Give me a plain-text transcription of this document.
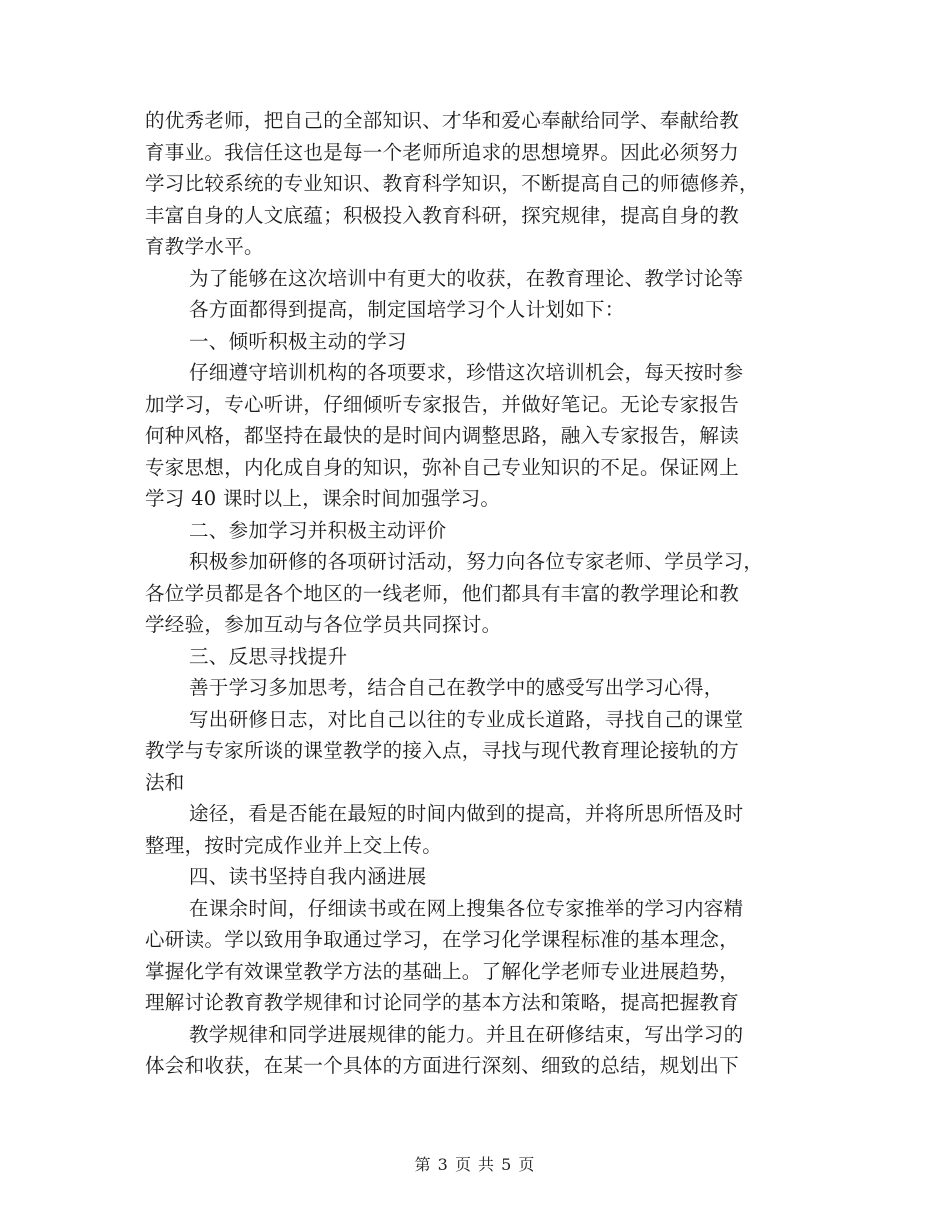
的优秀老师，把自己的全部知识、才华和爱心奉献给同学、奉献给教
育事业。我信任这也是每一个老师所追求的思想境界。因此必须努力
学习比较系统的专业知识、教育科学知识，不断提高自己的师德修养，
丰富自身的人文底蕴；积极投入教育科研，探究规律，提高自身的教
育教学水平。
为了能够在这次培训中有更大的收获，在教育理论、教学讨论等
各方面都得到提高，制定国培学习个人计划如下：
一、倾听积极主动的学习
仔细遵守培训机构的各项要求，珍惜这次培训机会，每天按时参
加学习，专心听讲，仔细倾听专家报告，并做好笔记。无论专家报告
何种风格，都坚持在最快的是时间内调整思路，融入专家报告，解读
专家思想，内化成自身的知识，弥补自己专业知识的不足。保证网上
学习 40 课时以上，课余时间加强学习。
二、参加学习并积极主动评价
积极参加研修的各项研讨活动，努力向各位专家老师、学员学习，
各位学员都是各个地区的一线老师，他们都具有丰富的教学理论和教
学经验，参加互动与各位学员共同探讨。
三、反思寻找提升
善于学习多加思考，结合自己在教学中的感受写出学习心得，
写出研修日志，对比自己以往的专业成长道路，寻找自己的课堂
教学与专家所谈的课堂教学的接入点，寻找与现代教育理论接轨的方
法和
途径，看是否能在最短的时间内做到的提高，并将所思所悟及时
整理，按时完成作业并上交上传。
四、读书坚持自我内涵进展
在课余时间，仔细读书或在网上搜集各位专家推举的学习内容精
心研读。学以致用争取通过学习，在学习化学课程标准的基本理念，
掌握化学有效课堂教学方法的基础上。了解化学老师专业进展趋势，
理解讨论教育教学规律和讨论同学的基本方法和策略，提高把握教育
教学规律和同学进展规律的能力。并且在研修结束，写出学习的
体会和收获，在某一个具体的方面进行深刻、细致的总结，规划出下
第 3 页 共 5 页
